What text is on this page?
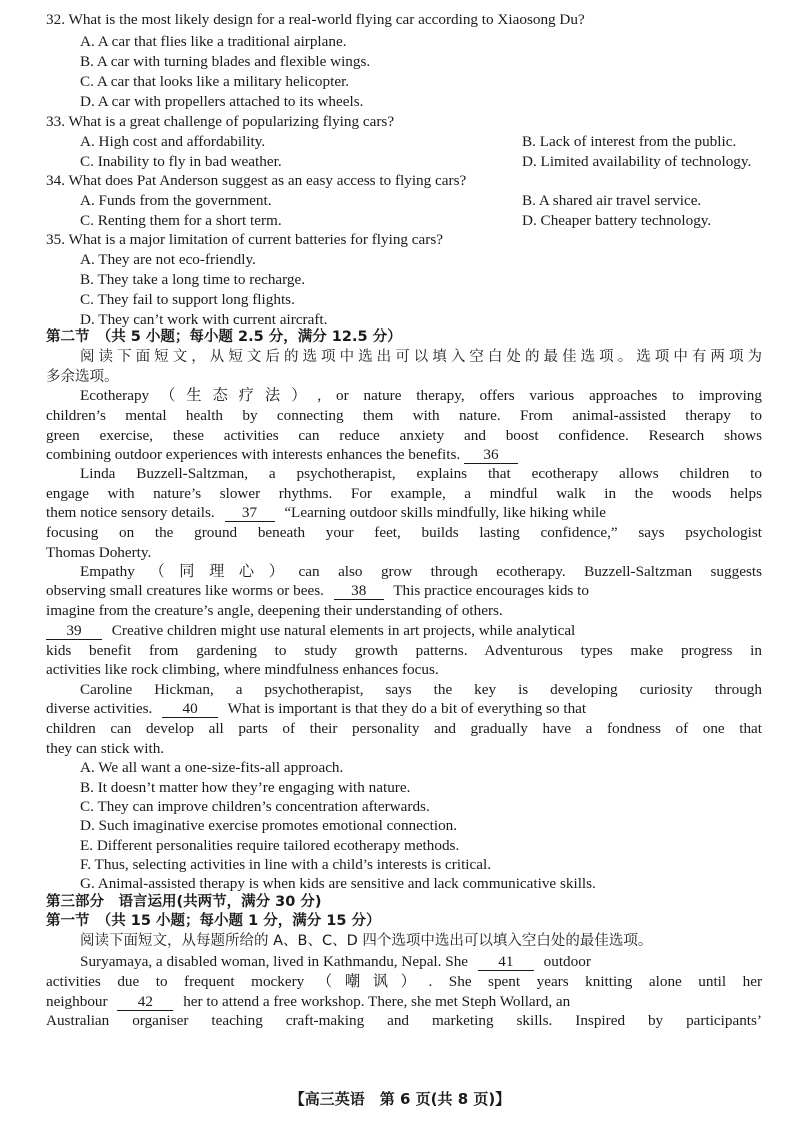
32. What is the most likely design for a real-world flying car according to Xiaosong Du?
A. A car that flies like a traditional airplane.
B. A car with turning blades and flexible wings.
C. A car that looks like a military helicopter.
D. A car with propellers attached to its wheels.
33. What is a great challenge of popularizing flying cars?
A. High cost and affordability.	B. Lack of interest from the public.
C. Inability to fly in bad weather.	D. Limited availability of technology.
34. What does Pat Anderson suggest as an easy access to flying cars?
A. Funds from the government.	B. A shared air travel service.
C. Renting them for a short term.	D. Cheaper battery technology.
35. What is a major limitation of current batteries for flying cars?
A. They are not eco-friendly.
B. They take a long time to recharge.
C. They fail to support long flights.
D. They can’t work with current aircraft.
第二节　（共 5 小题；每小题 2.5 分，满分 12.5 分）
阅读下面短文，从短文后的选项中选出可以填入空白处的最佳选项。选项中有两项为
多余选项。
Ecotherapy（生态疗法）, or nature therapy, offers various approaches to improving
children’s mental health by connecting them with nature. From animal-assisted therapy to
green exercise, these activities can reduce anxiety and boost confidence. Research shows
combining outdoor experiences with interests enhances the benefits. 36
Linda Buzzell-Saltzman, a psychotherapist, explains that ecotherapy allows children to
engage with nature’s slower rhythms. For example, a mindful walk in the woods helps
them notice sensory details. 37 “Learning outdoor skills mindfully, like hiking while
focusing on the ground beneath your feet, builds lasting confidence,” says psychologist
Thomas Doherty.
Empathy（同理心）can also grow through ecotherapy. Buzzell-Saltzman suggests
observing small creatures like worms or bees. 38 This practice encourages kids to
imagine from the creature’s angle, deepening their understanding of others.
39 Creative children might use natural elements in art projects, while analytical
kids benefit from gardening to study growth patterns. Adventurous types make progress in
activities like rock climbing, where mindfulness enhances focus.
Caroline Hickman, a psychotherapist, says the key is developing curiosity through
diverse activities. 40 What is important is that they do a bit of everything so that
children can develop all parts of their personality and gradually have a fondness of one that
they can stick with.
A. We all want a one-size-fits-all approach.
B. It doesn’t matter how they’re engaging with nature.
C. They can improve children’s concentration afterwards.
D. Such imaginative exercise promotes emotional connection.
E. Different personalities require tailored ecotherapy methods.
F. Thus, selecting activities in line with a child’s interests is critical.
G. Animal-assisted therapy is when kids are sensitive and lack communicative skills.
第三部分　语言运用(共两节，满分 30 分)
第一节　（共 15 小题；每小题 1 分，满分 15 分）
阅读下面短文，从每题所给的 A、B、C、D 四个选项中选出可以填入空白处的最佳选项。
Suryamaya, a disabled woman, lived in Kathmandu, Nepal. She 41 outdoor
activities due to frequent mockery（嘲讽）. She spent years knitting alone until her
neighbour 42 her to attend a free workshop. There, she met Steph Wollard, an
Australian organiser teaching craft-making and marketing skills. Inspired by participants’
【高三英语　第 6 页(共 8 页)】
